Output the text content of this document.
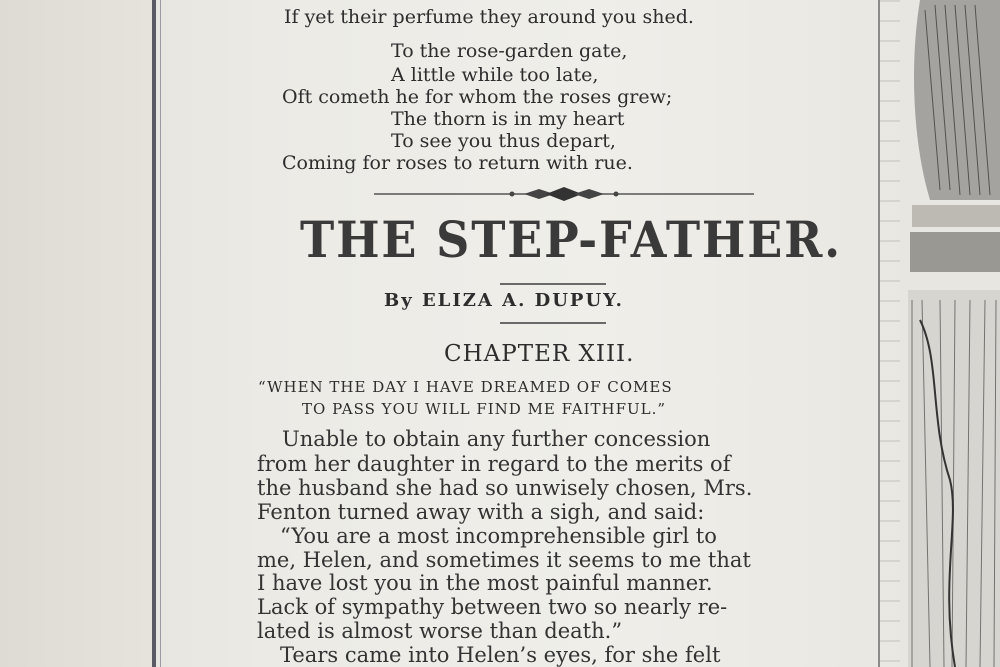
If yet their perfume they around you shed.

To the rose-garden gate,

A little while too late,

Oft cometh he for whom the roses grew;

The thorn is in my heart

To see you thus depart,

Coming for roses to return with rue.

THE STEP-FATHER.

By ELIZA A. DUPUY.

CHAPTER XIII.

“WHEN THE DAY I HAVE DREAMED OF COMES

TO PASS YOU WILL FIND ME FAITHFUL.”

Unable to obtain any further concession

from her daughter in regard to the merits of

the husband she had so unwisely chosen, Mrs.

Fenton turned away with a sigh, and said:

“You are a most incomprehensible girl to

me, Helen, and sometimes it seems to me that

I have lost you in the most painful manner.

Lack of sympathy between two so nearly re-

lated is almost worse than death.”

Tears came into Helen’s eyes, for she felt
